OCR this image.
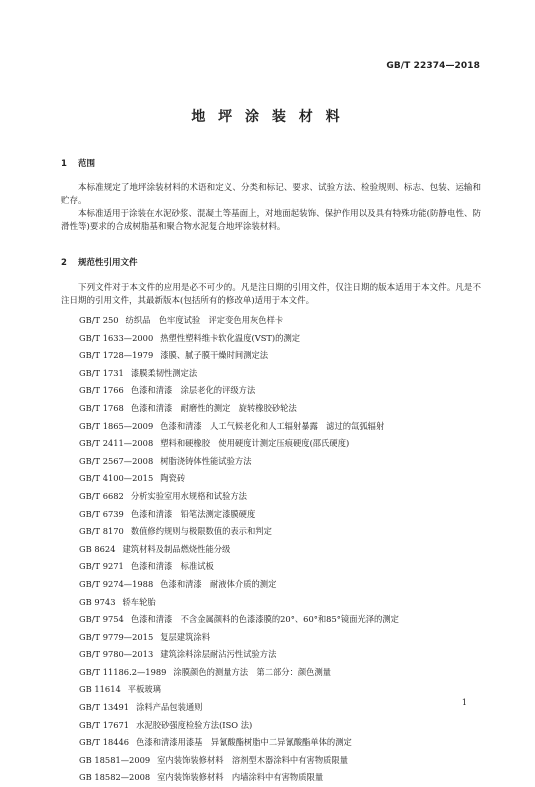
GB/T 22374—2018
地 坪 涂 装 材 料
1 范围
本标准规定了地坪涂装材料的术语和定义、分类和标记、要求、试验方法、检验规则、标志、包装、运输和贮存。
本标准适用于涂装在水泥砂浆、混凝土等基面上，对地面起装饰、保护作用以及具有特殊功能(防静电性、防滑性等)要求的合成树脂基和聚合物水泥复合地坪涂装材料。
2 规范性引用文件
下列文件对于本文件的应用是必不可少的。凡是注日期的引用文件，仅注日期的版本适用于本文件。凡是不注日期的引用文件，其最新版本(包括所有的修改单)适用于本文件。
GB/T 250 纺织品　色牢度试验　评定变色用灰色样卡
GB/T 1633—2000 热塑性塑料维卡软化温度(VST)的测定
GB/T 1728—1979 漆膜、腻子膜干燥时间测定法
GB/T 1731 漆膜柔韧性测定法
GB/T 1766 色漆和清漆　涂层老化的评级方法
GB/T 1768 色漆和清漆　耐磨性的测定　旋转橡胶砂轮法
GB/T 1865—2009 色漆和清漆　人工气候老化和人工辐射暴露　滤过的氙弧辐射
GB/T 2411—2008 塑料和硬橡胶　使用硬度计测定压痕硬度(邵氏硬度)
GB/T 2567—2008 树脂浇铸体性能试验方法
GB/T 4100—2015 陶瓷砖
GB/T 6682 分析实验室用水规格和试验方法
GB/T 6739 色漆和清漆　铅笔法测定漆膜硬度
GB/T 8170 数值修约规则与极限数值的表示和判定
GB 8624 建筑材料及制品燃烧性能分级
GB/T 9271 色漆和清漆　标准试板
GB/T 9274—1988 色漆和清漆　耐液体介质的测定
GB 9743 轿车轮胎
GB/T 9754 色漆和清漆　不含金属颜料的色漆漆膜的20°、60°和85°镜面光泽的测定
GB/T 9779—2015 复层建筑涂料
GB/T 9780—2013 建筑涂料涂层耐沾污性试验方法
GB/T 11186.2—1989 涂膜颜色的测量方法　第二部分：颜色测量
GB 11614 平板玻璃
GB/T 13491 涂料产品包装通则
GB/T 17671 水泥胶砂强度检验方法(ISO 法)
GB/T 18446 色漆和清漆用漆基　异氰酸酯树脂中二异氰酸酯单体的测定
GB 18581—2009 室内装饰装修材料　溶剂型木器涂料中有害物质限量
GB 18582—2008 室内装饰装修材料　内墙涂料中有害物质限量
1
